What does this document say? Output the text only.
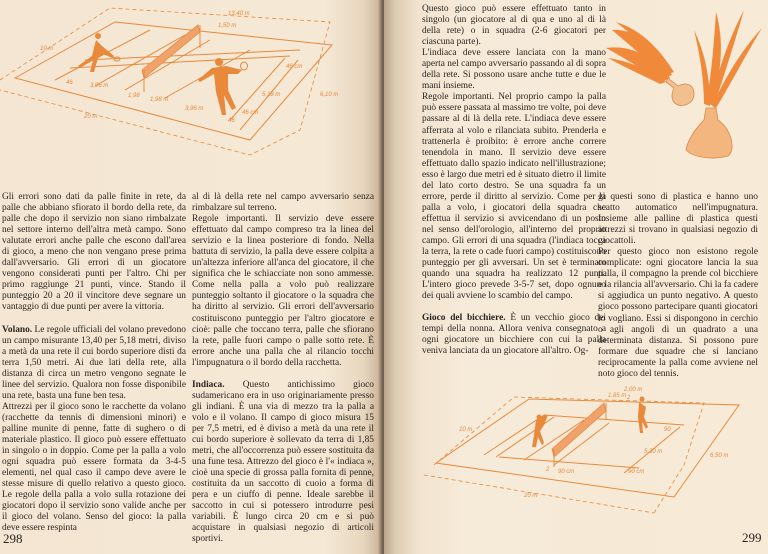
13,40 m
1,50 m
10 m
46 cm
5,18 m	6,10 m
3,96 m
1,98
1,98 m
3,96 m
46 cm
46
46
20 m

Gli errori sono dati da palle finite in rete, da palle che abbiano sfiorato il bordo della rete, da palle che dopo il servizio non siano rimbalzate nel settore interno dell'altra metà campo. Sono valutate errori anche palle che escono dall'area di gioco, a meno che non vengano prese prima dall'avversario. Gli errori di un giocatore vengono considerati punti per l'altro. Chi per primo raggiunge 21 punti, vince. Stando il punteggio 20 a 20 il vincitore deve segnare un vantaggio di due punti per avere la vittoria.

Volano. Le regole ufficiali del volano prevedono un campo misurante 13,40 per 5,18 metri, diviso a metà da una rete il cui bordo superiore disti da terra 1,50 metri. Ai due lati della rete, alla distanza di circa un metro vengono segnate le linee del servizio. Qualora non fosse disponibile una rete, basta una fune ben tesa.

Attrezzi per il gioco sono le racchette da volano (racchette da tennis di dimensioni minori) e palline munite di penne, fatte di sughero o di materiale plastico. Il gioco può essere effettuato in singolo o in doppio. Come per la palla a volo ogni squadra può essere formata da 3-4-5 elementi, nel qual caso il campo deve avere le stesse misure di quello relativo a questo gioco. Le regole della palla a volo sulla rotazione dei giocatori dopo il servizio sono valide anche per il gioco del volano. Senso del gioco: la palla deve essere respinta

al di là della rete nel campo avversario senza rimbalzare sul terreno.

Regole importanti. Il servizio deve essere effettuato dal campo compreso tra la linea del servizio e la linea posteriore di fondo. Nella battuta di servizio, la palla deve essere colpita a un'altezza inferiore all'anca del giocatore, il che significa che le schiacciate non sono ammesse. Come nella palla a volo può realizzare punteggio soltanto il giocatore o la squadra che ha diritto al servizio. Gli errori dell'avversario costituiscono punteggio per l'altro giocatore e cioè: palle che toccano terra, palle che sfiorano la rete, palle fuori campo o palle sotto rete. È errore anche una palla che al rilancio tocchi l'impugnatura o il bordo della racchetta.

Indiaca. Questo antichissimo gioco sudamericano era in uso originariamente presso gli indiani. È una via di mezzo tra la palla a volo e il volano. Il campo di gioco misura 15 per 7,5 metri, ed è diviso a metà da una rete il cui bordo superiore è sollevato da terra di 1,85 metri, che all'occorrenza può essere sostituita da una fune tesa. Attrezzo del gioco è l'« indiaca », cioè una specie di grossa palla fornita di penne, costituita da un saccotto di cuoio a forma di pera e un ciuffo di penne. Ideale sarebbe il saccotto in cui si potessero introdurre pesi variabili. È lungo circa 20 cm e si può acquistare in qualsiasi negozio di articoli sportivi.

298

Questo gioco può essere effettuato tanto in singolo (un giocatore al di qua e uno al di là della rete) o in squadra (2-6 giocatori per ciascuna parte).

L'indiaca deve essere lanciata con la mano aperta nel campo avversario passando al di sopra della rete. Si possono usare anche tutte e due le mani insieme.

Regole importanti. Nel proprio campo la palla può essere passata al massimo tre volte, poi deve passare al di là della rete. L'indiaca deve essere afferrata al volo e rilanciata subito. Prenderla e trattenerla è proibito: è errore anche correre tenendola in mano. Il servizio deve essere effettuato dallo spazio indicato nell'illustrazione; esso è largo due metri ed è situato dietro il limite del lato corto destro. Se una squadra fa un errore, perde il diritto al servizio. Come per la palla a volo, i giocatori della squadra che effettua il servizio si avvicendano di un posto nel senso dell'orologio, all'interno del proprio campo. Gli errori di una squadra (l'indiaca tocca la terra, la rete o cade fuori campo) costituiscono punteggio per gli avversari. Un set è terminato quando una squadra ha realizzato 12 punti. L'intero gioco prevede 3-5-7 set, dopo ognuno dei quali avviene lo scambio del campo.

Gioco del bicchiere. È un vecchio gioco dei tempi della nonna. Allora veniva consegnato a ogni giocatore un bicchiere con cui la palla veniva lanciata da un giocatore all'altro. Og-

gi questi sono di plastica e hanno uno scatto automatico nell'impugnatura. Insieme alle palline di plastica questi attrezzi si trovano in qualsiasi negozio di giocattoli.

Per questo gioco non esistono regole complicate: ogni giocatore lancia la sua palla, il compagno la prende col bicchiere e la rilancia all'avversario. Chi la fa cadere si aggiudica un punto negativo. A questo gioco possono partecipare quanti giocatori lo vogliano. Essi si dispongono in cerchio o agli angoli di un quadrato a una determinata distanza. Si possono pure formare due squadre che si lanciano reciprocamente la palla come avviene nel noto gioco del tennis.

2,00 m
1,85 m 2
10 m
5,30 m
6,50 m
90
90 cm	90 cm
2
20 m
299
